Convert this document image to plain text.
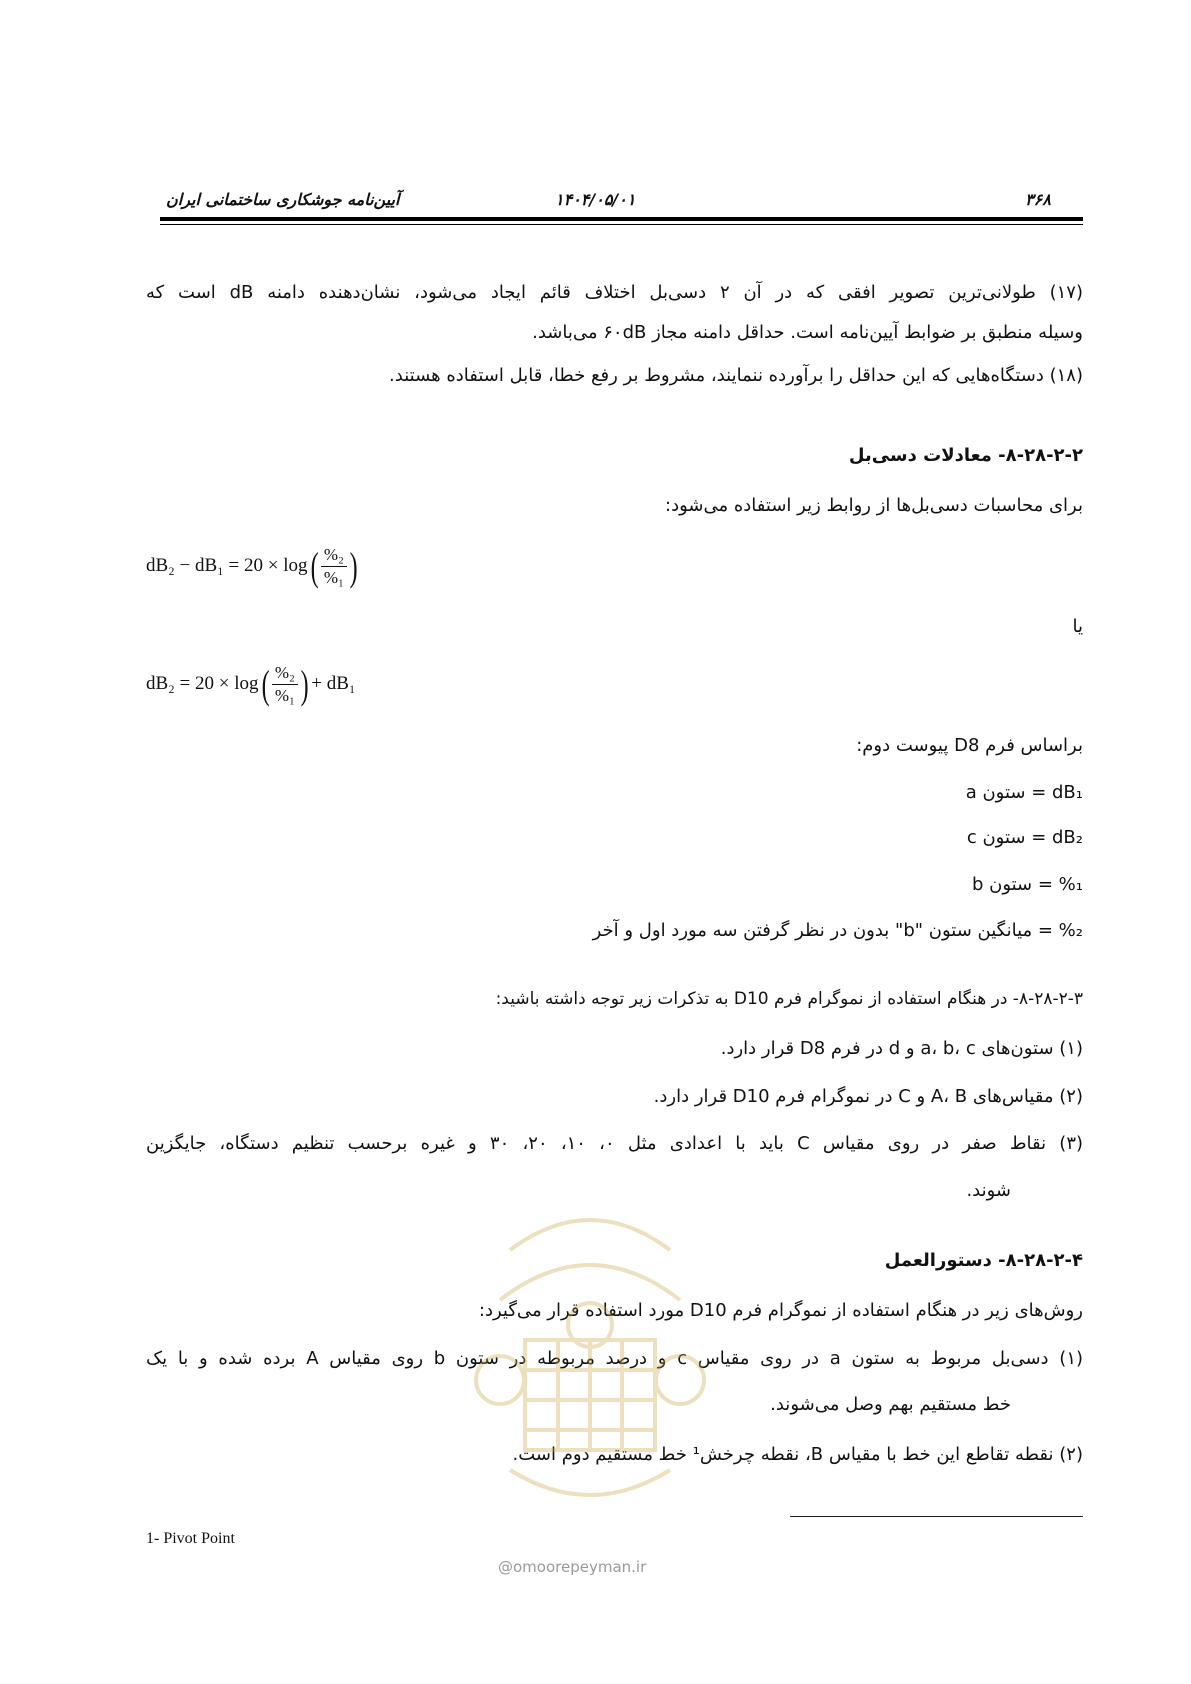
آیین‌نامه جوشکاری ساختمانی ایران	۱۴۰۴/۰۵/۰۱	۳۶۸
(۱۷) طولانی‌ترین تصویر افقی که در آن ۲ دسی‌بل اختلاف قائم ایجاد می‌شود، نشان‌دهنده دامنه dB است که
وسیله منطبق بر ضوابط آیین‌نامه است. حداقل دامنه مجاز ۶۰dB می‌باشد.
(۱۸) دستگاه‌هایی که این حداقل را برآورده ننمایند، مشروط بر رفع خطا، قابل استفاده هستند.
۸-۲۸-۲-۲- معادلات دسی‌بل
برای محاسبات دسی‌بل‌ها از روابط زیر استفاده می‌شود:
$dB_2 - dB_1 = 20 \times \log( \frac{\text{\%₂}}{\text{\%₁}}$ )
یا
$dB_2 = 20 \times \log( \frac{\text{\%₂}}{\text{\%₁}}$ ) + dB₁
براساس فرم D8 پیوست دوم:
dB₁ = ستون a
dB₂ = ستون c
%₁ = ستون b
%₂ = میانگین ستون "b" بدون در نظر گرفتن سه مورد اول و آخر
۸-۲۸-۲-۳- در هنگام استفاده از نموگرام فرم D10 به تذکرات زیر توجه داشته باشید:
(۱) ستون‌های a، b، c و d در فرم D8 قرار دارد.
(۲) مقیاس‌های A، B و C در نموگرام فرم D10 قرار دارد.
(۳) نقاط صفر در روی مقیاس C باید با اعدادی مثل ۰، ۱۰، ۲۰، ۳۰ و غیره برحسب تنظیم دستگاه، جایگزین
شوند.
۸-۲۸-۲-۴- دستورالعمل
روش‌های زیر در هنگام استفاده از نموگرام فرم D10 مورد استفاده قرار می‌گیرد:
(۱) دسی‌بل مربوط به ستون a در روی مقیاس c و درصد مربوطه در ستون b روی مقیاس A برده شده و با یک
خط مستقیم بهم وصل می‌شوند.
(۲) نقطه تقاطع این خط با مقیاس B، نقطه چرخش¹ خط مستقیم دوم است.
@omoorepeyman.ir
1- Pivot Point
